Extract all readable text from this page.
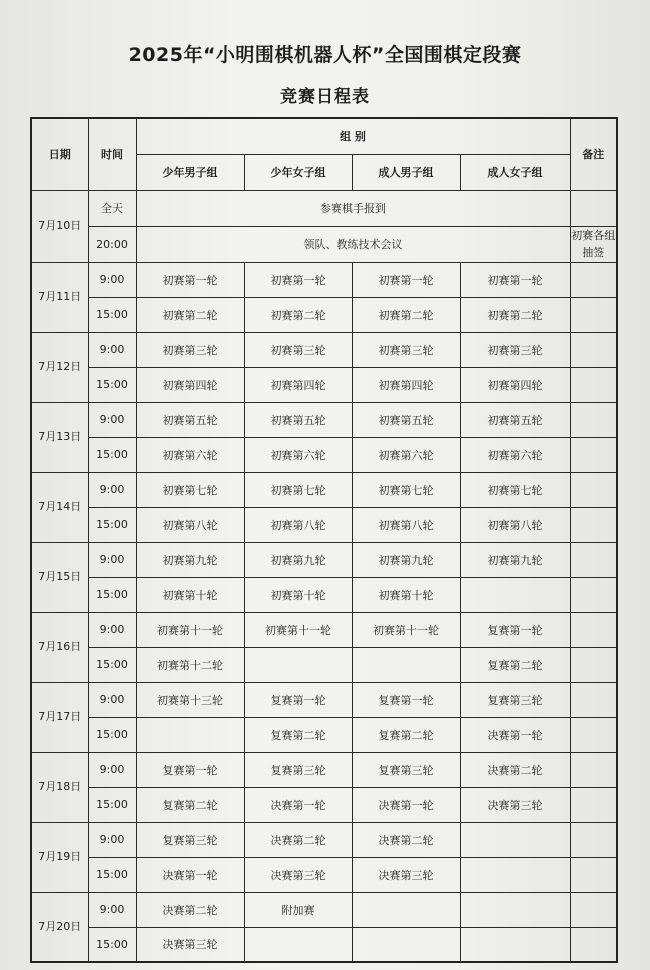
2025年“小明围棋机器人杯”全国围棋定段赛
竞赛日程表
日期	时间	组 别				备注
		少年男子组	少年女子组	成人男子组	成人女子组	
7月10日	全天	参赛棋手报到				
	20:00	领队、教练技术会议				初赛各组抽签
7月11日	9:00	初赛第一轮	初赛第一轮	初赛第一轮	初赛第一轮	
	15:00	初赛第二轮	初赛第二轮	初赛第二轮	初赛第二轮	
7月12日	9:00	初赛第三轮	初赛第三轮	初赛第三轮	初赛第三轮	
	15:00	初赛第四轮	初赛第四轮	初赛第四轮	初赛第四轮	
7月13日	9:00	初赛第五轮	初赛第五轮	初赛第五轮	初赛第五轮	
	15:00	初赛第六轮	初赛第六轮	初赛第六轮	初赛第六轮	
7月14日	9:00	初赛第七轮	初赛第七轮	初赛第七轮	初赛第七轮	
	15:00	初赛第八轮	初赛第八轮	初赛第八轮	初赛第八轮	
7月15日	9:00	初赛第九轮	初赛第九轮	初赛第九轮	初赛第九轮	
	15:00	初赛第十轮	初赛第十轮	初赛第十轮		
7月16日	9:00	初赛第十一轮	初赛第十一轮	初赛第十一轮	复赛第一轮	
	15:00	初赛第十二轮			复赛第二轮	
7月17日	9:00	初赛第十三轮	复赛第一轮	复赛第一轮	复赛第三轮	
	15:00		复赛第二轮	复赛第二轮	决赛第一轮	
7月18日	9:00	复赛第一轮	复赛第三轮	复赛第三轮	决赛第二轮	
	15:00	复赛第二轮	决赛第一轮	决赛第一轮	决赛第三轮	
7月19日	9:00	复赛第三轮	决赛第二轮	决赛第二轮		
	15:00	决赛第一轮	决赛第三轮	决赛第三轮		
7月20日	9:00	决赛第二轮	附加赛			
	15:00	决赛第三轮				
